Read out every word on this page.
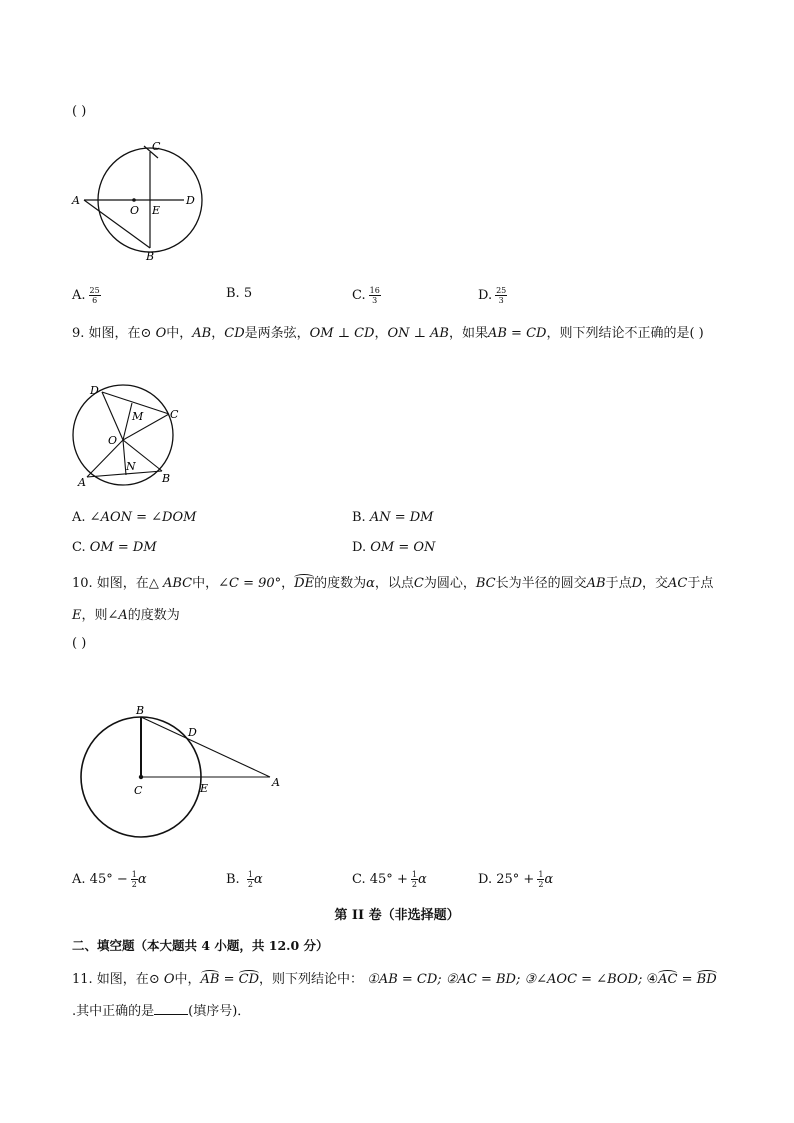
( )
A	D
C
B
O E
A. $\frac{25}{6}$	B. 5	C. $\frac{16}{3}$	D. $\frac{25}{3}$
9. 如图，在⊙ O中，AB，CD是两条弦，OM ⊥ CD，ON ⊥ AB，如果AB = CD，则下列结论不正确的是( )
D
M C
O
N
A	B
A. ∠AON = ∠DOM	B. AN = DM
C. OM = DM	D. OM = ON
10. 如图，在△ ABC中，∠C = 90°，DE的度数为α，以点C为圆心，BC长为半径的圆交AB于点D，交AC于点
E，则∠A的度数为
( )
B
D
C	E	A
A. $45^\circ - \frac{1}{2}$ α	B. $\frac{1}{2}$ α	C. $45^\circ + \frac{1}{2}$ α	D. $25^\circ + \frac{1}{2}$ α
第 II 卷（非选择题）
二、填空题（本大题共 4 小题，共 12.0 分）
11. 如图，在⊙ O中，AB = CD，则下列结论中： ①AB = CD; ②AC = BD; ③∠AOC = ∠BOD; ④AC = BD
.其中正确的是	(填序号)．
